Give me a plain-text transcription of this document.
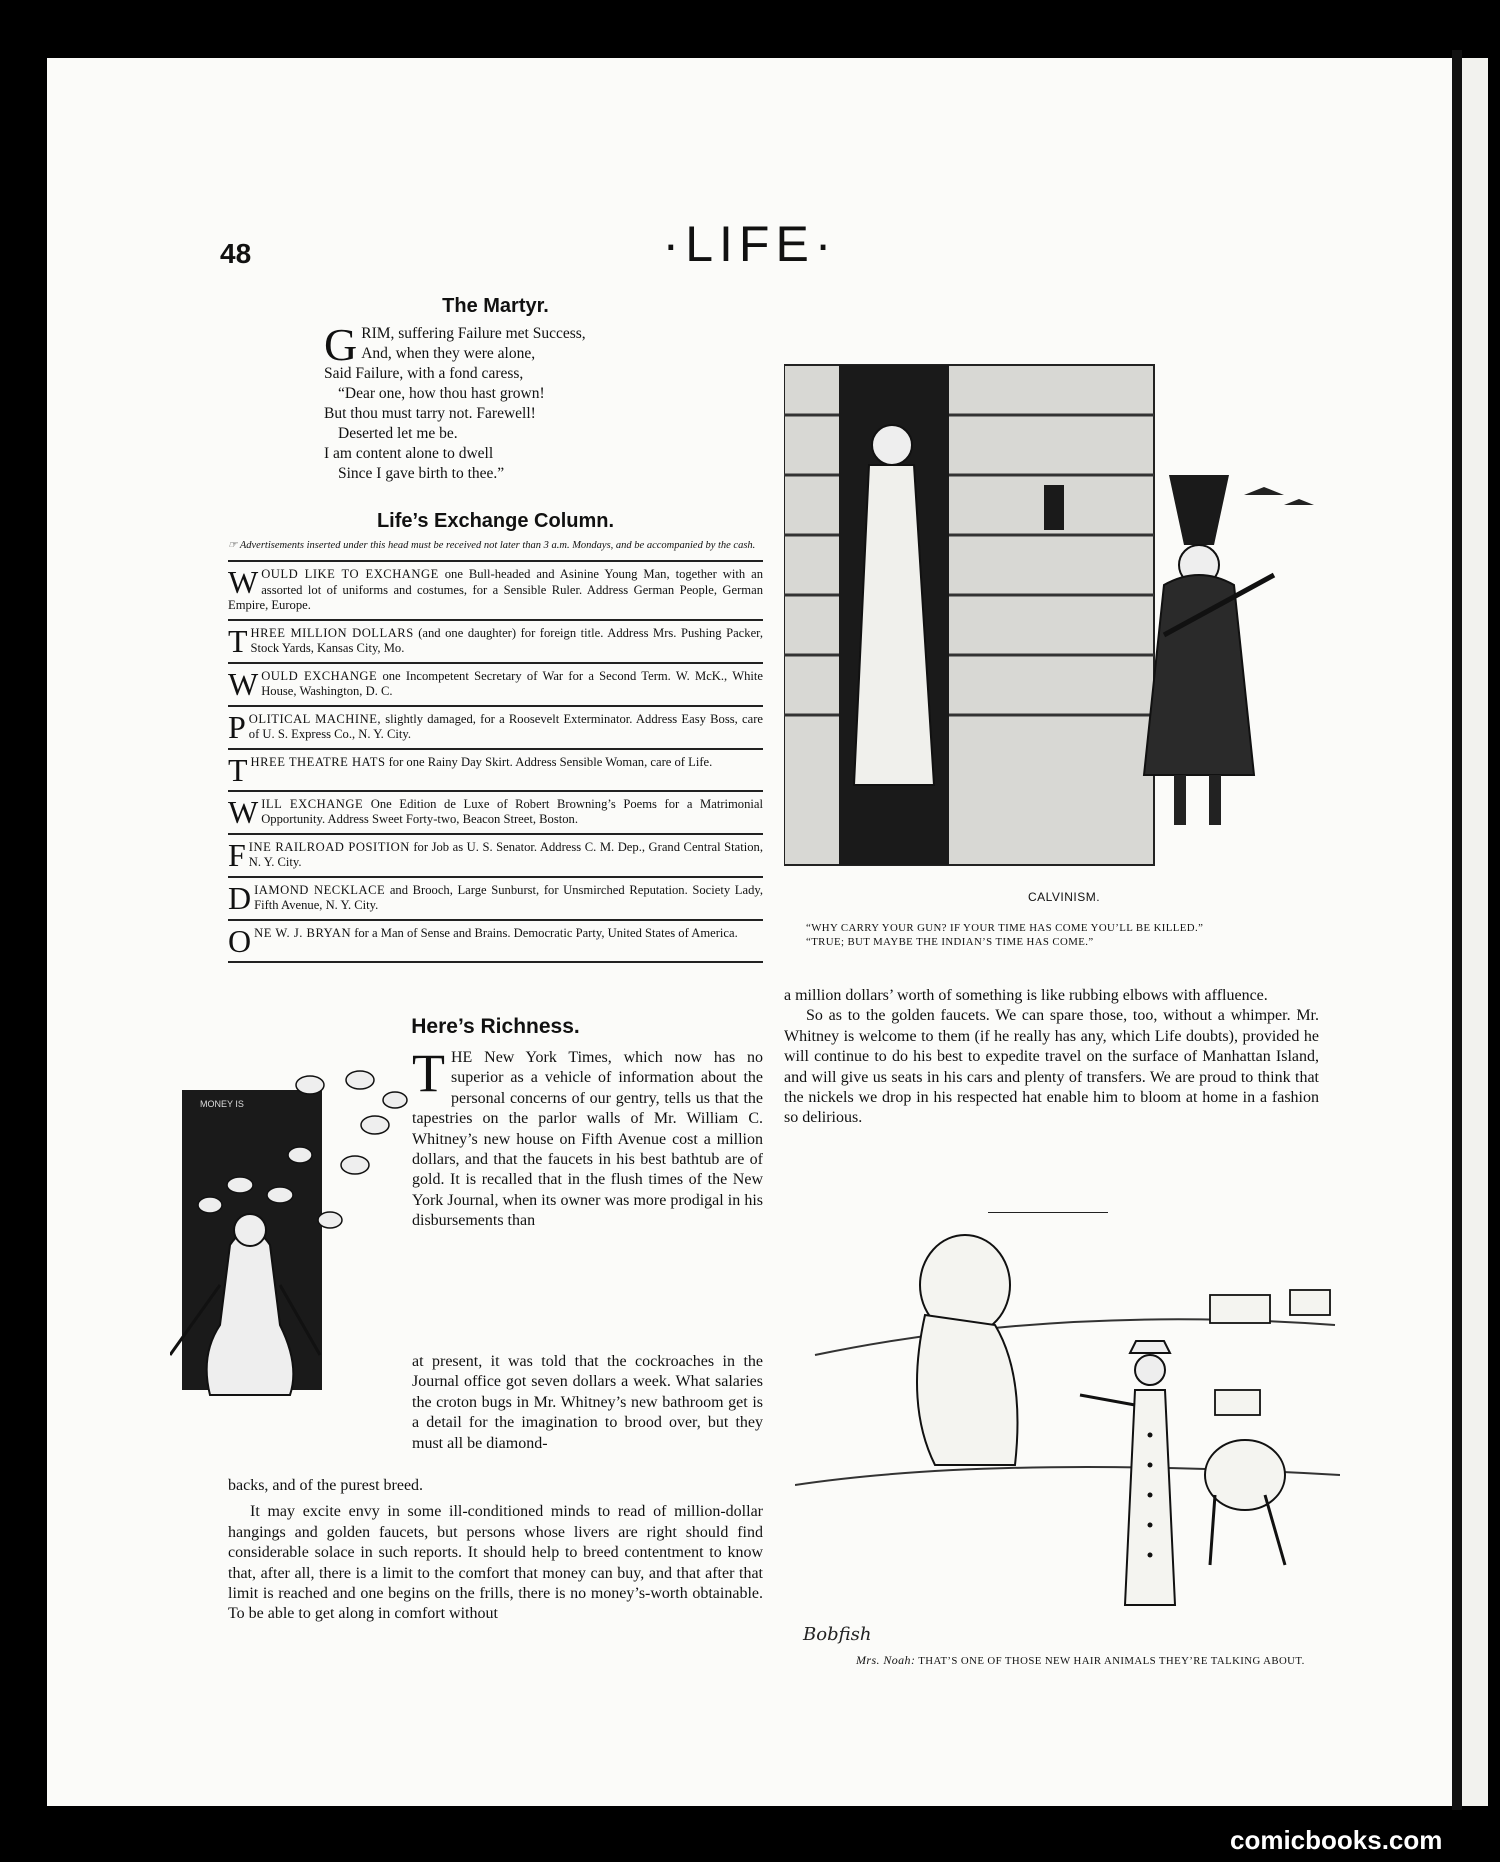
48	·LIFE·
The Martyr.
G RIM, suffering Failure met Success,
And, when they were alone,
Said Failure, with a fond caress,
“Dear one, how thou hast grown!
But thou must tarry not. Farewell!
Deserted let me be.
I am content alone to dwell
Since I gave birth to thee.”
Life’s Exchange Column.
☞ Advertisements inserted under this head must be received not later than 3 a.m. Mondays, and be accompanied by the cash.
WOULD LIKE TO EXCHANGE one Bull-headed and Asinine Young Man, together with an assorted lot of uniforms and costumes, for a Sensible Ruler. Address German People, German Empire, Europe.
THREE MILLION DOLLARS (and one daughter) for foreign title. Address Mrs. Pushing Packer, Stock Yards, Kansas City, Mo.
WOULD EXCHANGE one Incompetent Secretary of War for a Second Term. W. McK., White House, Washington, D. C.
POLITICAL MACHINE, slightly damaged, for a Roosevelt Exterminator. Address Easy Boss, care of U. S. Express Co., N. Y. City.
THREE THEATRE HATS for one Rainy Day Skirt. Address Sensible Woman, care of Life.
WILL EXCHANGE One Edition de Luxe of Robert Browning’s Poems for a Matrimonial Opportunity. Address Sweet Forty-two, Beacon Street, Boston.
FINE RAILROAD POSITION for Job as U. S. Senator. Address C. M. Dep., Grand Central Station, N. Y. City.
DIAMOND NECKLACE and Brooch, Large Sunburst, for Unsmirched Reputation. Society Lady, Fifth Avenue, N. Y. City.
ONE W. J. BRYAN for a Man of Sense and Brains. Democratic Party, United States of America.
Here’s Richness.
MONEY IS
THE New York Times, which now has no superior as a vehicle of information about the personal concerns of our gentry, tells us that the tapestries on the parlor walls of Mr. William C. Whitney’s new house on Fifth Avenue cost a million dollars, and that the faucets in his best bathtub are of gold. It is recalled that in the flush times of the New York Journal, when its owner was more prodigal in his disbursements than
at present, it was told that the cockroaches in the Journal office got seven dollars a week. What salaries the croton bugs in Mr. Whitney’s new bathroom get is a detail for the imagination to brood over, but they must all be diamond-
backs, and of the purest breed.

It may excite envy in some ill-conditioned minds to read of million-dollar hangings and golden faucets, but persons whose livers are right should find considerable solace in such reports. It should help to breed contentment to know that, after all, there is a limit to the comfort that money can buy, and that after that limit is reached and one begins on the frills, there is no money’s-worth obtainable. To be able to get along in comfort without

CALVINISM.
“WHY CARRY YOUR GUN? IF YOUR TIME HAS COME YOU’LL BE KILLED.”
“TRUE; BUT MAYBE THE INDIAN’S TIME HAS COME.”
a million dollars’ worth of something is like rubbing elbows with affluence.

So as to the golden faucets. We can spare those, too, without a whimper. Mr. Whitney is welcome to them (if he really has any, which Life doubts), provided he will continue to do his best to expedite travel on the surface of Manhattan Island, and will give us seats in his cars and plenty of transfers. We are proud to think that the nickels we drop in his respected hat enable him to bloom at home in a fashion so delirious.

Bobfish
Mrs. Noah: THAT’S ONE OF THOSE NEW HAIR ANIMALS THEY’RE TALKING ABOUT.
comicbooks.com
